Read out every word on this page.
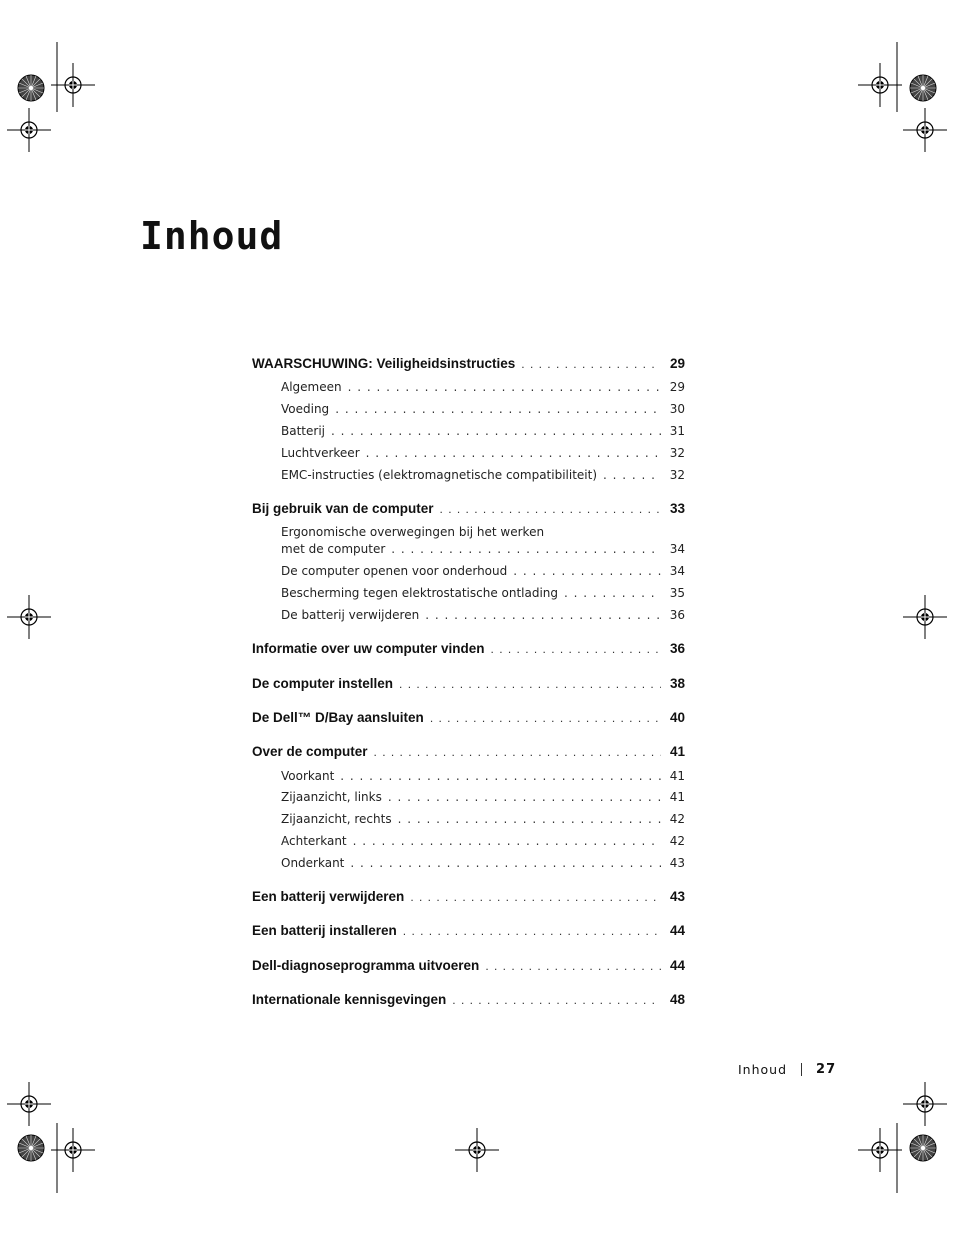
Inhoud
WAARSCHUWING: Veiligheidsinstructies . . .	29
Algemeen . . .	29
Voeding . . .	30
Batterij . . .	31
Luchtverkeer . . .	32
EMC-instructies (elektromagnetische compatibiliteit) . . .	32
Bij gebruik van de computer . . .	33
Ergonomische overwegingen bij het werken
met de computer . . .	34
De computer openen voor onderhoud . . .	34
Bescherming tegen elektrostatische ontlading . . .	35
De batterij verwijderen . . .	36
Informatie over uw computer vinden . . .	36
De computer instellen . . .	38
De Dell™ D/Bay aansluiten . . .	40
Over de computer . . .	41
Voorkant . . .	41
Zijaanzicht, links . . .	41
Zijaanzicht, rechts . . .	42
Achterkant . . .	42
Onderkant . . .	43
Een batterij verwijderen . . .	43
Een batterij installeren . . .	44
Dell-diagnoseprogramma uitvoeren . . .	44
Internationale kennisgevingen . . .	48
Inhoud 27
